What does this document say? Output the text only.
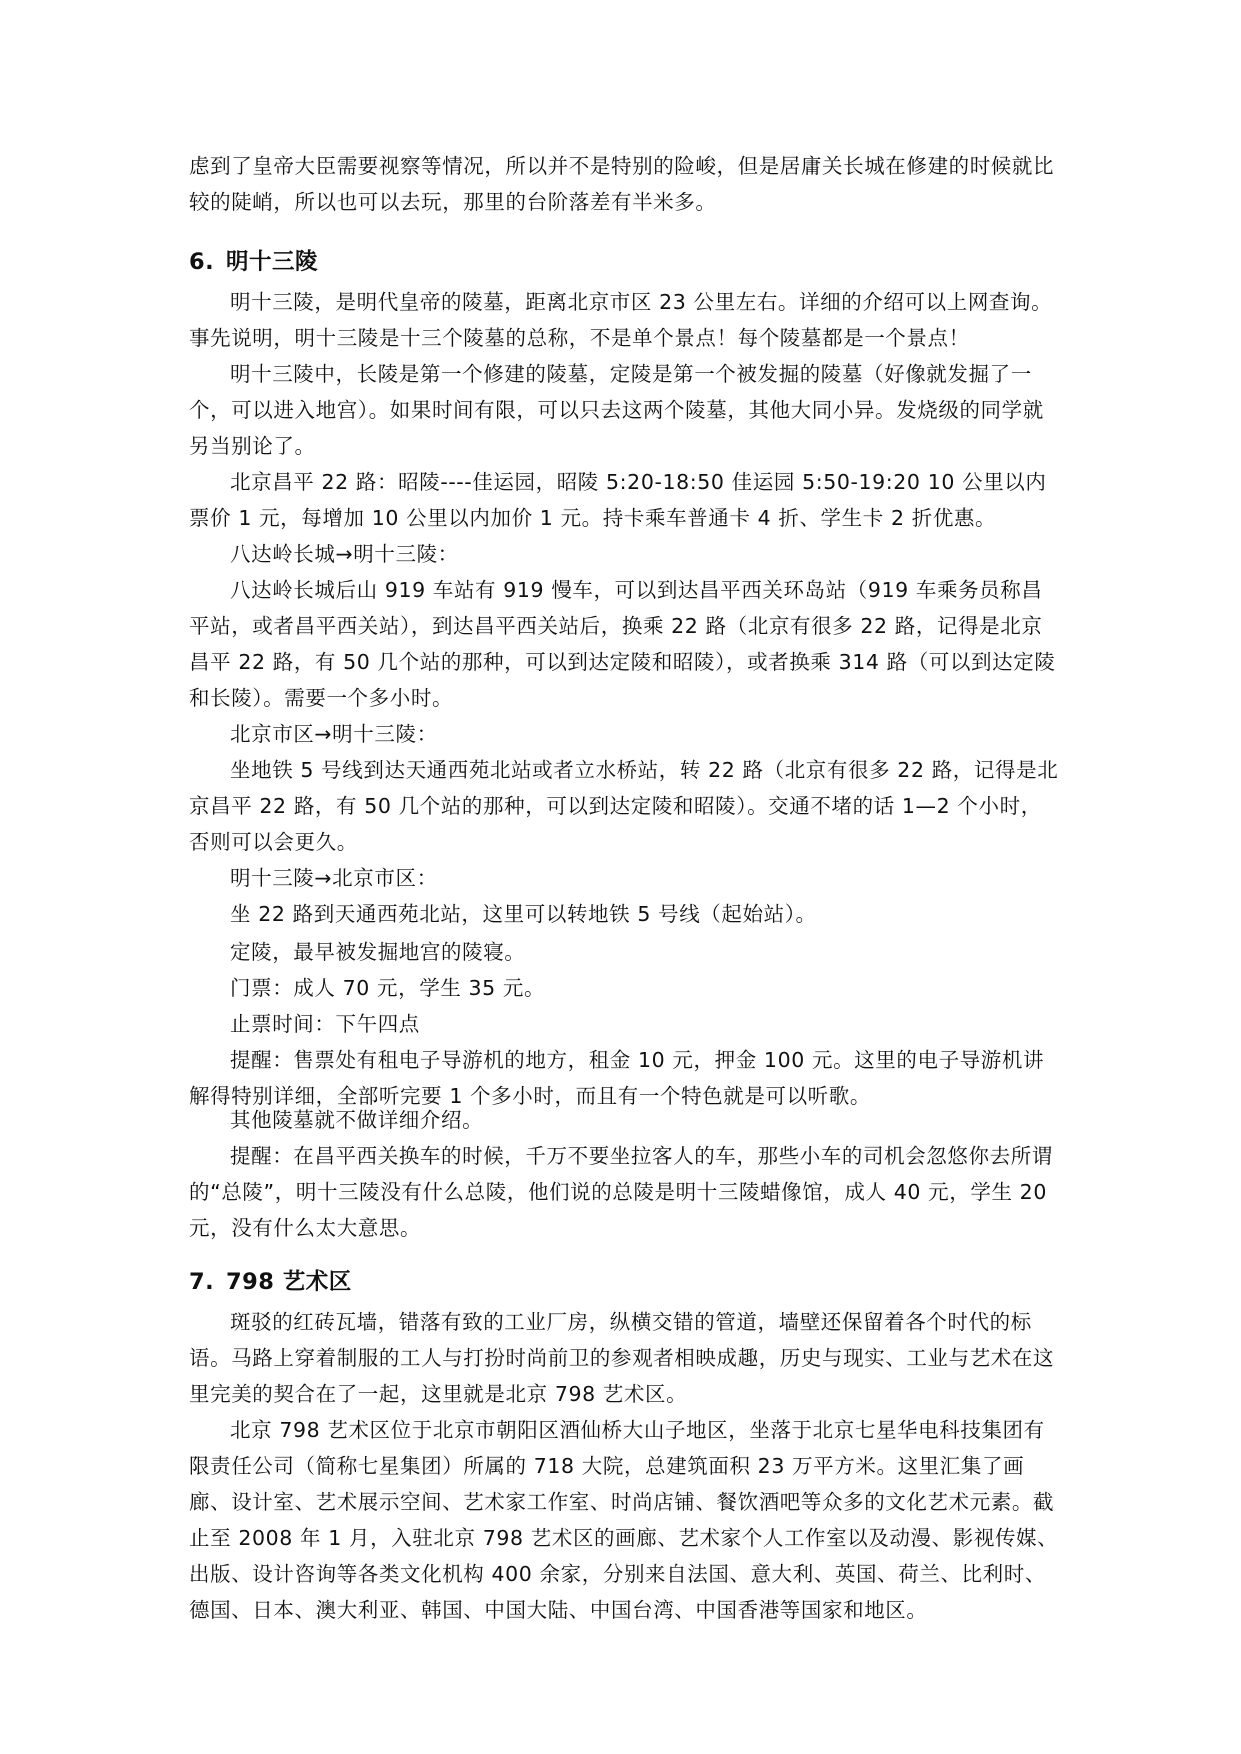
虑到了皇帝大臣需要视察等情况，所以并不是特别的险峻，但是居庸关长城在修建的时候就比较的陡峭，所以也可以去玩，那里的台阶落差有半米多。

6. 明十三陵

明十三陵，是明代皇帝的陵墓，距离北京市区 23 公里左右。详细的介绍可以上网查询。事先说明，明十三陵是十三个陵墓的总称，不是单个景点！每个陵墓都是一个景点！

明十三陵中，长陵是第一个修建的陵墓，定陵是第一个被发掘的陵墓（好像就发掘了一个，可以进入地宫）。如果时间有限，可以只去这两个陵墓，其他大同小异。发烧级的同学就另当别论了。

北京昌平 22 路：昭陵----佳运园，昭陵 5:20-18:50 佳运园 5:50-19:20 10 公里以内票价 1 元，每增加 10 公里以内加价 1 元。持卡乘车普通卡 4 折、学生卡 2 折优惠。

八达岭长城→明十三陵：

八达岭长城后山 919 车站有 919 慢车，可以到达昌平西关环岛站（919 车乘务员称昌平站，或者昌平西关站），到达昌平西关站后，换乘 22 路（北京有很多 22 路，记得是北京昌平 22 路，有 50 几个站的那种，可以到达定陵和昭陵），或者换乘 314 路（可以到达定陵和长陵）。需要一个多小时。

北京市区→明十三陵：

坐地铁 5 号线到达天通西苑北站或者立水桥站，转 22 路（北京有很多 22 路，记得是北京昌平 22 路，有 50 几个站的那种，可以到达定陵和昭陵）。交通不堵的话 1—2 个小时，否则可以会更久。

明十三陵→北京市区：

坐 22 路到天通西苑北站，这里可以转地铁 5 号线（起始站）。

定陵，最早被发掘地宫的陵寝。

门票：成人 70 元，学生 35 元。

止票时间：下午四点

提醒：售票处有租电子导游机的地方，租金 10 元，押金 100 元。这里的电子导游机讲解得特别详细，全部听完要 1 个多小时，而且有一个特色就是可以听歌。

其他陵墓就不做详细介绍。

提醒：在昌平西关换车的时候，千万不要坐拉客人的车，那些小车的司机会忽悠你去所谓的“总陵”，明十三陵没有什么总陵，他们说的总陵是明十三陵蜡像馆，成人 40 元，学生 20 元，没有什么太大意思。

7. 798 艺术区

斑驳的红砖瓦墙，错落有致的工业厂房，纵横交错的管道，墙壁还保留着各个时代的标语。马路上穿着制服的工人与打扮时尚前卫的参观者相映成趣，历史与现实、工业与艺术在这里完美的契合在了一起，这里就是北京 798 艺术区。

北京 798 艺术区位于北京市朝阳区酒仙桥大山子地区，坐落于北京七星华电科技集团有限责任公司（简称七星集团）所属的 718 大院，总建筑面积 23 万平方米。这里汇集了画廊、设计室、艺术展示空间、艺术家工作室、时尚店铺、餐饮酒吧等众多的文化艺术元素。截止至 2008 年 1 月，入驻北京 798 艺术区的画廊、艺术家个人工作室以及动漫、影视传媒、出版、设计咨询等各类文化机构 400 余家，分别来自法国、意大利、英国、荷兰、比利时、德国、日本、澳大利亚、韩国、中国大陆、中国台湾、中国香港等国家和地区。
